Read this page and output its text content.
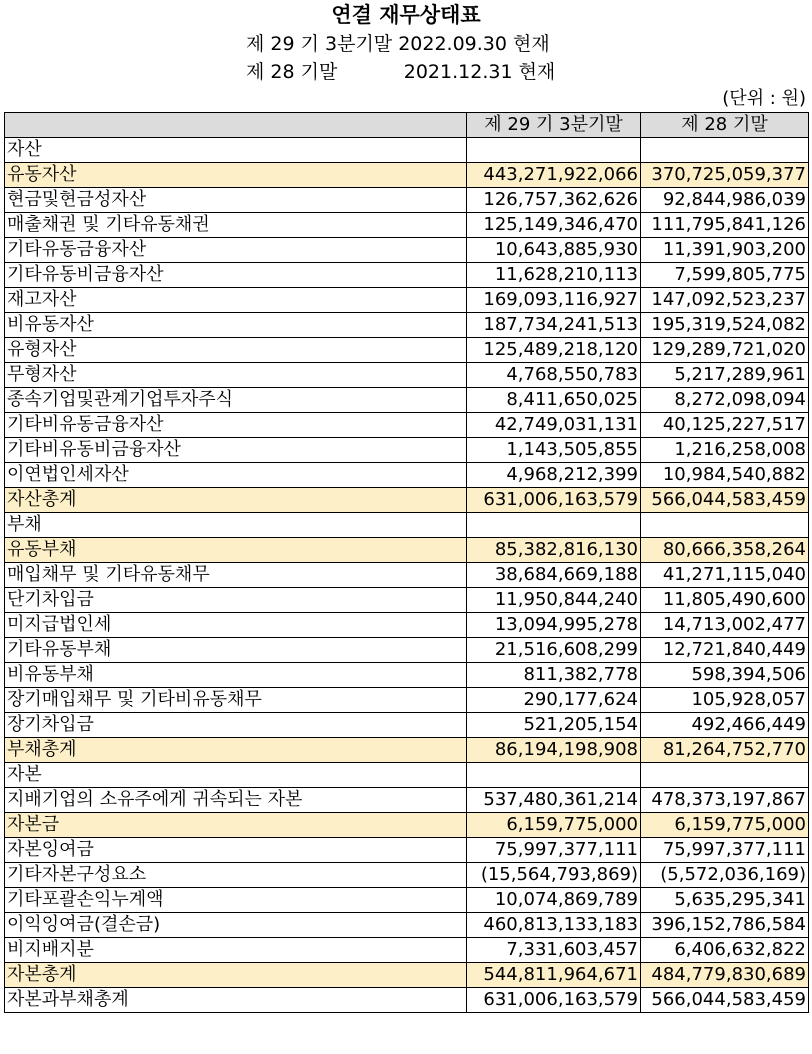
연결 재무상태표
제 29 기 3분기말 2022.09.30 현재
제 28 기말           2021.12.31 현재
(단위 : 원)
	제 29 기 3분기말	제 28 기말
자산		
유동자산	443,271,922,066	370,725,059,377
현금및현금성자산	126,757,362,626	92,844,986,039
매출채권 및 기타유동채권	125,149,346,470	111,795,841,126
기타유동금융자산	10,643,885,930	11,391,903,200
기타유동비금융자산	11,628,210,113	7,599,805,775
재고자산	169,093,116,927	147,092,523,237
비유동자산	187,734,241,513	195,319,524,082
유형자산	125,489,218,120	129,289,721,020
무형자산	4,768,550,783	5,217,289,961
종속기업및관계기업투자주식	8,411,650,025	8,272,098,094
기타비유동금융자산	42,749,031,131	40,125,227,517
기타비유동비금융자산	1,143,505,855	1,216,258,008
이연법인세자산	4,968,212,399	10,984,540,882
자산총계	631,006,163,579	566,044,583,459
부채		
유동부채	85,382,816,130	80,666,358,264
매입채무 및 기타유동채무	38,684,669,188	41,271,115,040
단기차입금	11,950,844,240	11,805,490,600
미지급법인세	13,094,995,278	14,713,002,477
기타유동부채	21,516,608,299	12,721,840,449
비유동부채	811,382,778	598,394,506
장기매입채무 및 기타비유동채무	290,177,624	105,928,057
장기차입금	521,205,154	492,466,449
부채총계	86,194,198,908	81,264,752,770
자본		
지배기업의 소유주에게 귀속되는 자본	537,480,361,214	478,373,197,867
자본금	6,159,775,000	6,159,775,000
자본잉여금	75,997,377,111	75,997,377,111
기타자본구성요소	(15,564,793,869)	(5,572,036,169)
기타포괄손익누계액	10,074,869,789	5,635,295,341
이익잉여금(결손금)	460,813,133,183	396,152,786,584
비지배지분	7,331,603,457	6,406,632,822
자본총계	544,811,964,671	484,779,830,689
자본과부채총계	631,006,163,579	566,044,583,459
